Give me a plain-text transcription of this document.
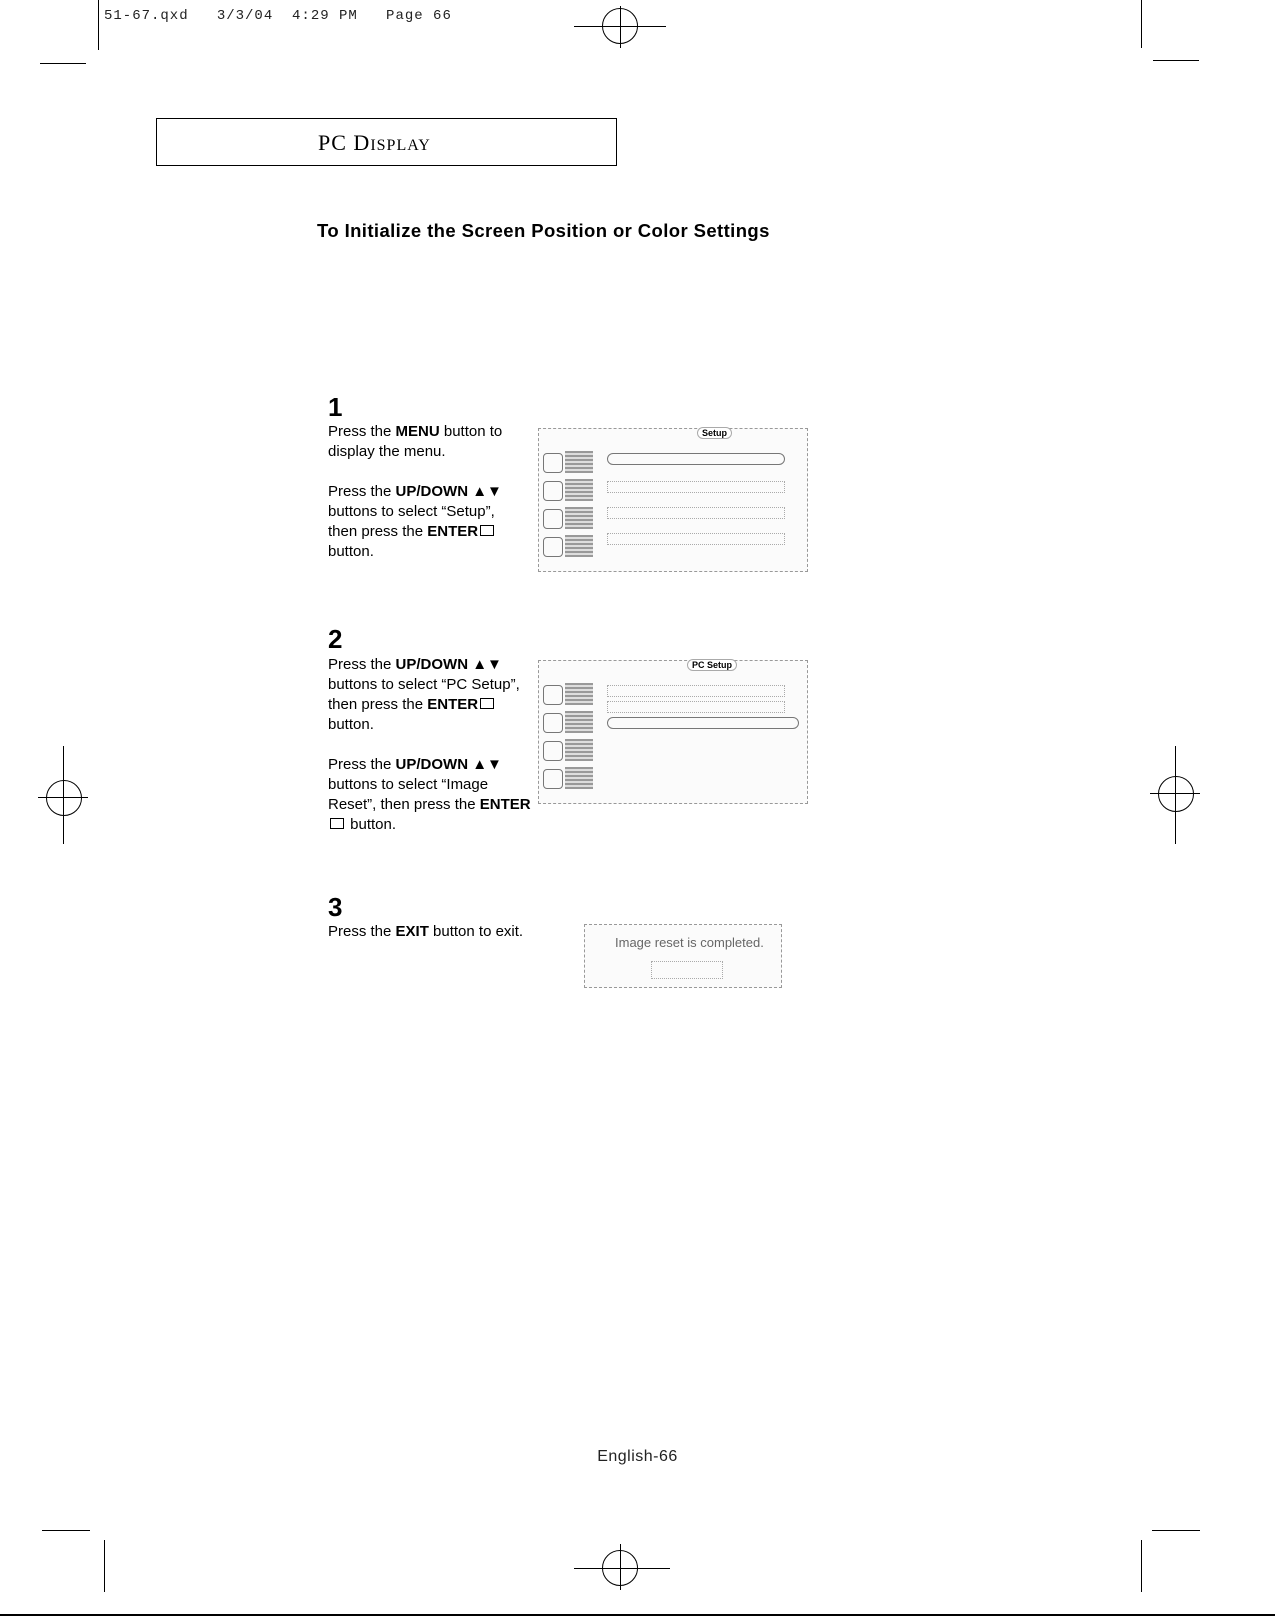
51-67.qxd   3/3/04  4:29 PM   Page 66
PC DISPLAY
To Initialize the Screen Position or Color Settings
1

Press the MENU button to display the menu.

Press the UP/DOWN ▲▼ buttons to select “Setup”, then press the ENTER button.

2

Press the UP/DOWN ▲▼ buttons to select “PC Setup”, then press the ENTER button.

Press the UP/DOWN ▲▼ buttons to select “Image Reset”, then press the ENTER button.

3

Press the EXIT button to exit.

Setup
PC Setup
Image reset is completed.
English-66
